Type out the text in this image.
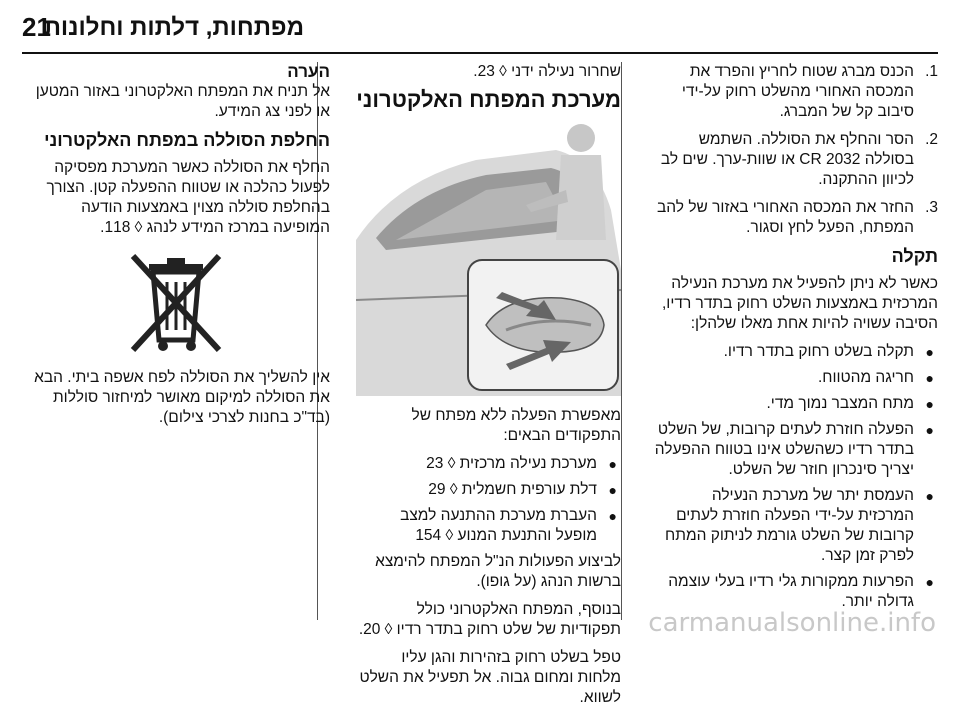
21
מפתחות, דלתות וחלונות
1.
הכנס מברג שטוח לחריץ והפרד את המכסה האחורי מהשלט רחוק על-ידי סיבוב קל של המברג.
2.
הסר והחלף את הסוללה. השתמש בסוללה CR 2032 או שוות-ערך. שים לב לכיוון ההתקנה.
3.
החזר את המכסה האחורי באזור של להב המפתח, הפעל לחץ וסגור.
תקלה

כאשר לא ניתן להפעיל את מערכת הנעילה המרכזית באמצעות השלט רחוק בתדר רדיו, הסיבה עשויה להיות אחת מאלו שלהלן:

●
תקלה בשלט רחוק בתדר רדיו.
●
חריגה מהטווח.
●
מתח המצבר נמוך מדי.
●
הפעלה חוזרת לעתים קרובות, של השלט בתדר רדיו כשהשלט אינו בטווח ההפעלה יצריך סינכרון חוזר של השלט.
●
העמסת יתר של מערכת הנעילה המרכזית על-ידי הפעלה חוזרת לעתים קרובות של השלט גורמת לניתוק המתח לפרק זמן קצר.
●
הפרעות ממקורות גלי רדיו בעלי עוצמה גדולה יותר.

שחרור נעילה ידני ◊ 23.

מערכת המפתח האלקטרוני

מאפשרת הפעלה ללא מפתח של התפקודים הבאים:

●
מערכת נעילה מרכזית ◊ 23
●
דלת עורפית חשמלית ◊ 29
●
העברת מערכת ההתנעה למצב מופעל והתנעת המנוע ◊ 154

לביצוע הפעולות הנ"ל המפתח להימצא ברשות הנהג (על גופו).

בנוסף, המפתח האלקטרוני כולל תפקודיות של שלט רחוק בתדר רדיו ◊ 20.

טפל בשלט רחוק בזהירות והגן עליו מלחות ומחום גבוה. אל תפעיל את השלט לשווא.

הערה

אל תניח את המפתח האלקטרוני באזור המטען או לפני צג המידע.

החלפת הסוללה במפתח האלקטרוני

החלף את הסוללה כאשר המערכת מפסיקה לפעול כהלכה או שטווח ההפעלה קטן. הצורך בהחלפת סוללה מצוין באמצעות הודעה המופיעה במרכז המידע לנהג ◊ 118.

אין להשליך את הסוללה לפח אשפה ביתי. הבא את הסוללה למיקום מאושר למיחזור סוללות (בד"כ בחנות לצרכי צילום).

carmanualsonline.info
